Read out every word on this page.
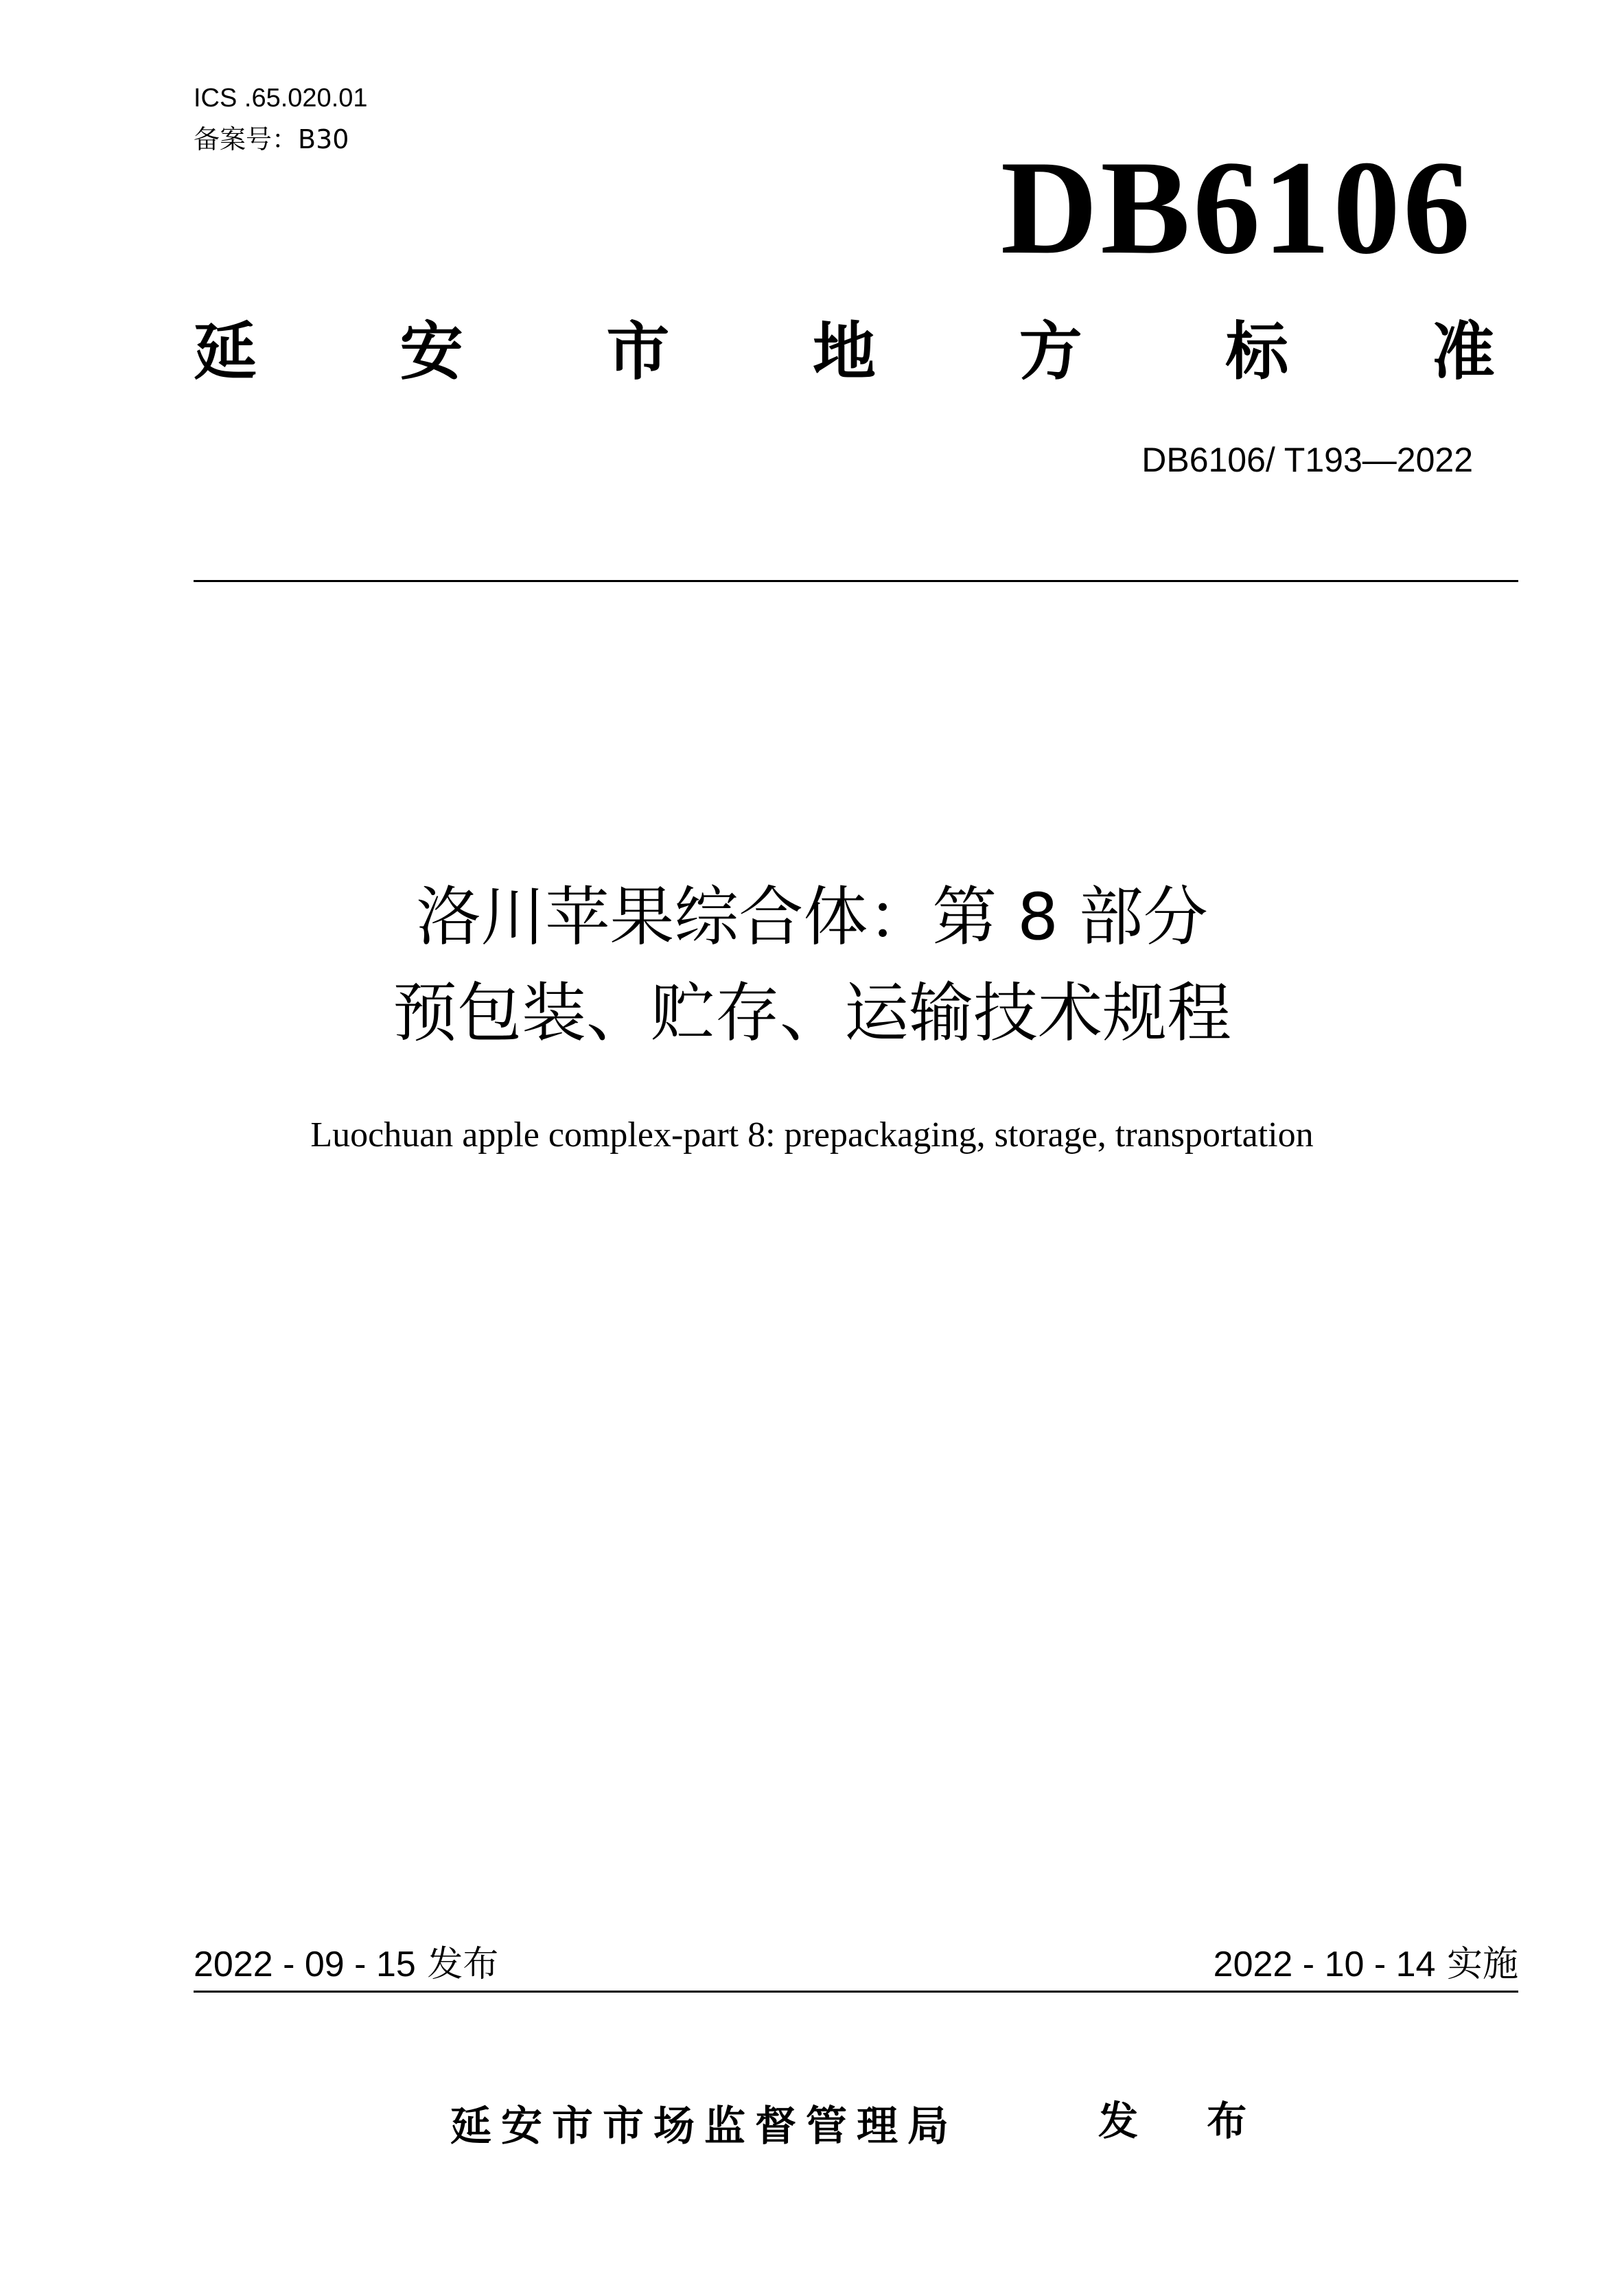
ICS .65.020.01
备案号：B30	DB6106
延 安 市 地 方 标 准
DB6106/ T193—2022
洛川苹果综合体：第 8 部分
预包装、贮存、运输技术规程
Luochuan apple complex-part 8: prepackaging, storage, transportation
2022 - 09 - 15 发布	2022 - 10 - 14 实施
延安市市场监督管理局	发 布
